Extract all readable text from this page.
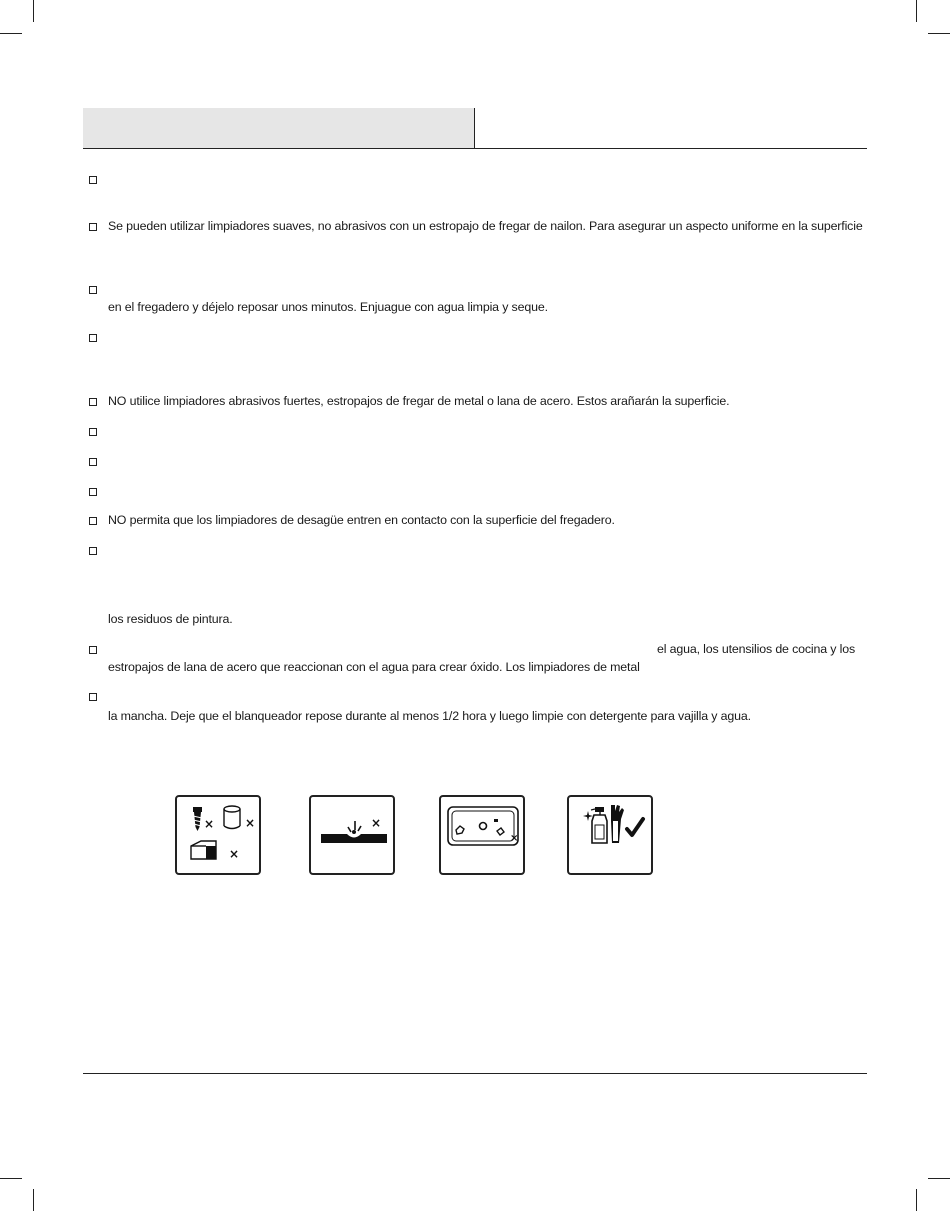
Se pueden utilizar limpiadores suaves, no abrasivos con un estropajo de fregar de nailon. Para asegurar un aspecto uniforme en la superficie
en el fregadero y déjelo reposar unos minutos. Enjuague con agua limpia y seque.
NO utilice limpiadores abrasivos fuertes, estropajos de fregar de metal o lana de acero. Estos arañarán la superficie.
NO permita que los limpiadores de desagüe entren en contacto con la superficie del fregadero.
los residuos de pintura.
el agua, los utensilios de cocina y los
estropajos de lana de acero que reaccionan con el agua para crear óxido. Los limpiadores de metal
la mancha. Deje que el blanqueador repose durante al menos 1/2 hora y luego limpie con detergente para vajilla y agua.
×	×
×
×
×
